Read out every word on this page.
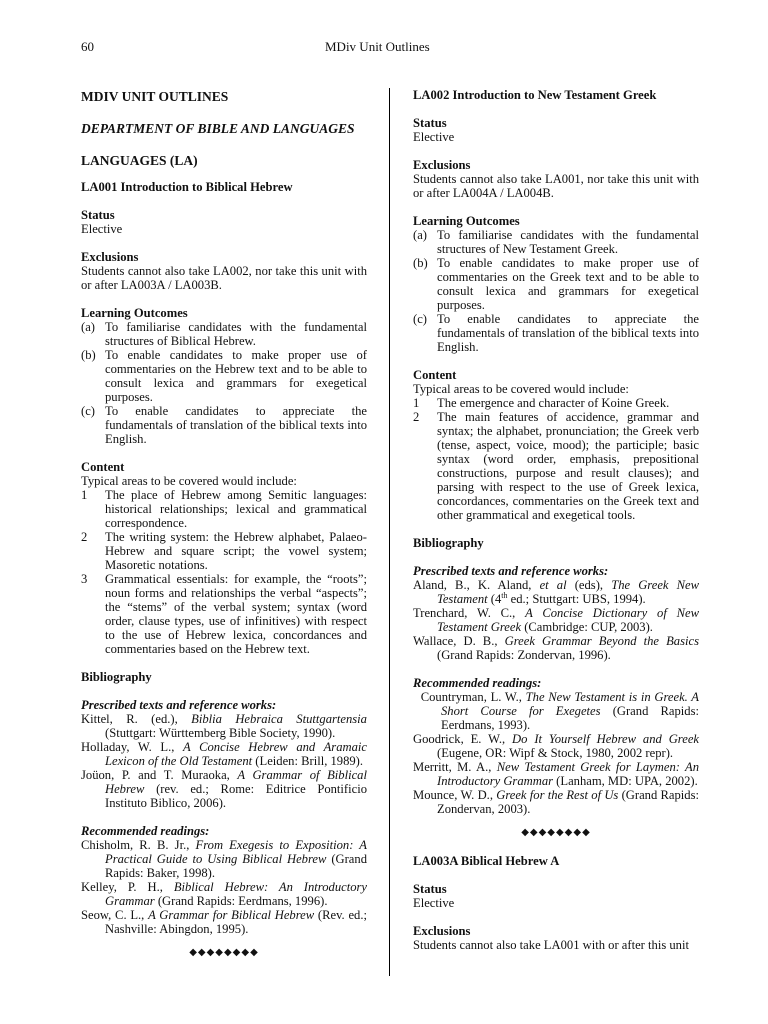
60	MDiv Unit Outlines

MDIV UNIT OUTLINES

DEPARTMENT OF BIBLE AND LANGUAGES

LANGUAGES (LA)

LA001 Introduction to Biblical Hebrew

Status

Elective

Exclusions

Students cannot also take LA002, nor take this unit with or after LA003A / LA003B.

Learning Outcomes

(a) To familiarise candidates with the fundamental structures of Biblical Hebrew.
(b) To enable candidates to make proper use of commentaries on the Hebrew text and to be able to consult lexica and grammars for exegetical purposes.
(c) To enable candidates to appreciate the fundamentals of translation of the biblical texts into English.

Content

Typical areas to be covered would include:

1	The place of Hebrew among Semitic languages: historical relationships; lexical and grammatical correspondence.
2	The writing system: the Hebrew alphabet, Palaeo-Hebrew and square script; the vowel system; Masoretic notations.
3	Grammatical essentials: for example, the “roots”; noun forms and relationships the verbal “aspects”; the “stems” of the verbal system; syntax (word order, clause types, use of infinitives) with respect to the use of Hebrew lexica, concordances and commentaries based on the Hebrew text.

Bibliography

Prescribed texts and reference works:

Kittel, R. (ed.), Biblia Hebraica Stuttgartensia (Stuttgart: Württemberg Bible Society, 1990).

Holladay, W. L., A Concise Hebrew and Aramaic Lexicon of the Old Testament (Leiden: Brill, 1989).

Joüon, P. and T. Muraoka, A Grammar of Biblical Hebrew (rev. ed.; Rome: Editrice Pontificio Instituto Biblico, 2006).

Recommended readings:

Chisholm, R. B. Jr., From Exegesis to Exposition: A Practical Guide to Using Biblical Hebrew (Grand Rapids: Baker, 1998).

Kelley, P. H., Biblical Hebrew: An Introductory Grammar (Grand Rapids: Eerdmans, 1996).

Seow, C. L., A Grammar for Biblical Hebrew (Rev. ed.; Nashville: Abingdon, 1995).

◆◆◆◆◆◆◆◆

LA002 Introduction to New Testament Greek

Status

Elective

Exclusions

Students cannot also take LA001, nor take this unit with or after LA004A / LA004B.

Learning Outcomes

(a) To familiarise candidates with the fundamental structures of New Testament Greek.
(b) To enable candidates to make proper use of commentaries on the Greek text and to be able to consult lexica and grammars for exegetical purposes.
(c) To enable candidates to appreciate the fundamentals of translation of the biblical texts into English.

Content

Typical areas to be covered would include:

1	The emergence and character of Koine Greek.
2	The main features of accidence, grammar and syntax; the alphabet, pronunciation; the Greek verb (tense, aspect, voice, mood); the participle; basic syntax (word order, emphasis, prepositional constructions, purpose and result clauses); and parsing with respect to the use of Greek lexica, concordances, commentaries on the Greek text and other grammatical and exegetical tools.

Bibliography

Prescribed texts and reference works:

Aland, B., K. Aland, et al (eds), The Greek New Testament (4th ed.; Stuttgart: UBS, 1994).

Trenchard, W. C., A Concise Dictionary of New Testament Greek (Cambridge: CUP, 2003).

Wallace, D. B., Greek Grammar Beyond the Basics (Grand Rapids: Zondervan, 1996).

Recommended readings:

Countryman, L. W., The New Testament is in Greek. A Short Course for Exegetes (Grand Rapids: Eerdmans, 1993).

Goodrick, E. W., Do It Yourself Hebrew and Greek (Eugene, OR: Wipf & Stock, 1980, 2002 repr).

Merritt, M. A., New Testament Greek for Laymen: An Introductory Grammar (Lanham, MD: UPA, 2002).

Mounce, W. D., Greek for the Rest of Us (Grand Rapids: Zondervan, 2003).

◆◆◆◆◆◆◆◆

LA003A Biblical Hebrew A

Status

Elective

Exclusions

Students cannot also take LA001 with or after this unit
